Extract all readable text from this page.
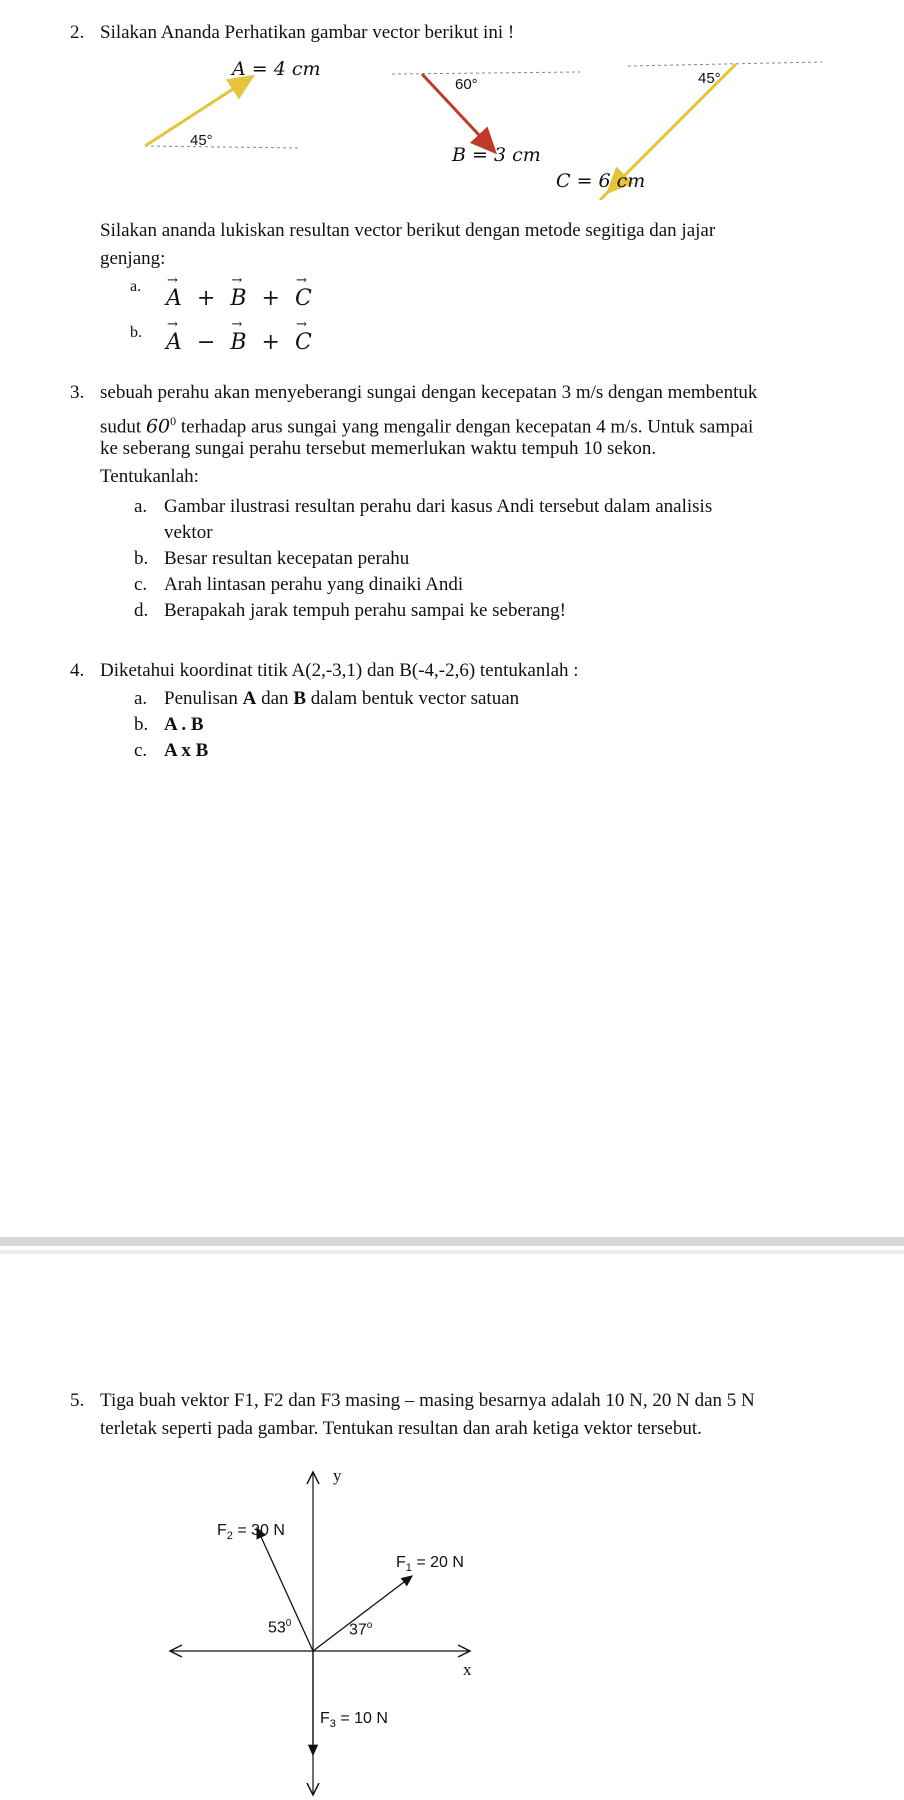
2. Silakan Ananda Perhatikan gambar vector berikut ini !
A = 4 cm
45°
60°
B = 3 cm
45°
C = 6 cm
Silakan ananda lukiskan resultan vector berikut dengan metode segitiga dan jajar
genjang:
a. → A + → B + → C
b. → A − → B + → C
3. sebuah perahu akan menyeberangi sungai dengan kecepatan 3 m/s dengan membentuk
sudut $60^0$ terhadap arus sungai yang mengalir dengan kecepatan 4 m/s. Untuk sampai
ke seberang sungai perahu tersebut memerlukan waktu tempuh 10 sekon.
Tentukanlah:
a. Gambar ilustrasi resultan perahu dari kasus Andi tersebut dalam analisis
vektor
b. Besar resultan kecepatan perahu
c. Arah lintasan perahu yang dinaiki Andi
d. Berapakah jarak tempuh perahu sampai ke seberang!
4. Diketahui koordinat titik A(2,-3,1) dan B(-4,-2,6) tentukanlah :
a. Penulisan A dan B dalam bentuk vector satuan
b. A . B
c. A x B
5. Tiga buah vektor F1, F2 dan F3 masing – masing besarnya adalah 10 N, 20 N dan 5 N
terletak seperti pada gambar. Tentukan resultan dan arah ketiga vektor tersebut.
y
x
$F_2 = 30$ N
$F_1 = 20$ N
$F_3 = 10$ N
$53^0$	37$^o$
